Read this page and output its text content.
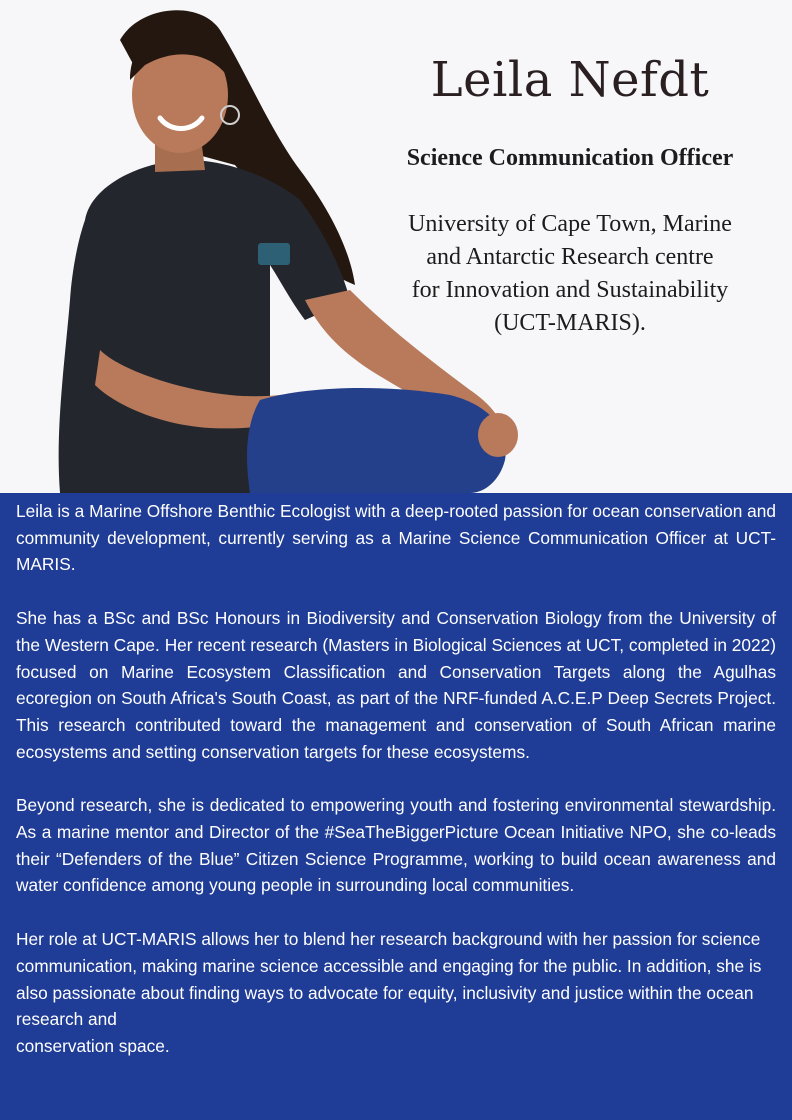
Leila Nefdt
Science Communication Officer
University of Cape Town, Marine
and Antarctic Research centre
for Innovation and Sustainability
(UCT-MARIS).

Leila is a Marine Offshore Benthic Ecologist with a deep-rooted passion for ocean conservation and community development, currently serving as a Marine Science Communication Officer at UCT-MARIS.

She has a BSc and BSc Honours in Biodiversity and Conservation Biology from the University of the Western Cape. Her recent research (Masters in Biological Sciences at UCT, completed in 2022) focused on Marine Ecosystem Classification and Conservation Targets along the Agulhas ecoregion on South Africa's South Coast, as part of the NRF-funded A.C.E.P Deep Secrets Project. This research contributed toward the management and conservation of South African marine ecosystems and setting conservation targets for these ecosystems.

Beyond research, she is dedicated to empowering youth and fostering environmental stewardship. As a marine mentor and Director of the #SeaTheBiggerPicture Ocean Initiative NPO, she co-leads their “Defenders of the Blue” Citizen Science Programme, working to build ocean awareness and water confidence among young people in surrounding local communities.

Her role at UCT-MARIS allows her to blend her research background with her passion for science communication, making marine science accessible and engaging for the public. In addition, she is also passionate about finding ways to advocate for equity, inclusivity and justice within the ocean research and
conservation space.
